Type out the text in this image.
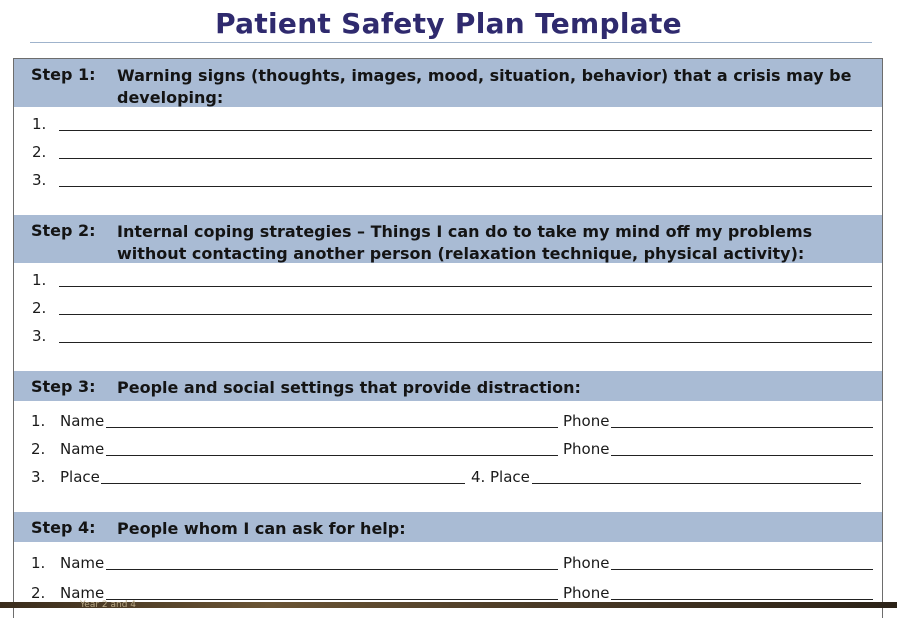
Patient Safety Plan Template
Step 1: Warning signs (thoughts, images, mood, situation, behavior) that a crisis may be developing:
1.
2.
3.
Step 2: Internal coping strategies – Things I can do to take my mind off my problems without contacting another person (relaxation technique, physical activity):
1.
2.
3.
Step 3: People and social settings that provide distraction:
1. Name	Phone
2. Name	Phone
3. Place	4. Place
Step 4: People whom I can ask for help:
1. Name	Phone
2. Name	Phone
Year 2 and 4
